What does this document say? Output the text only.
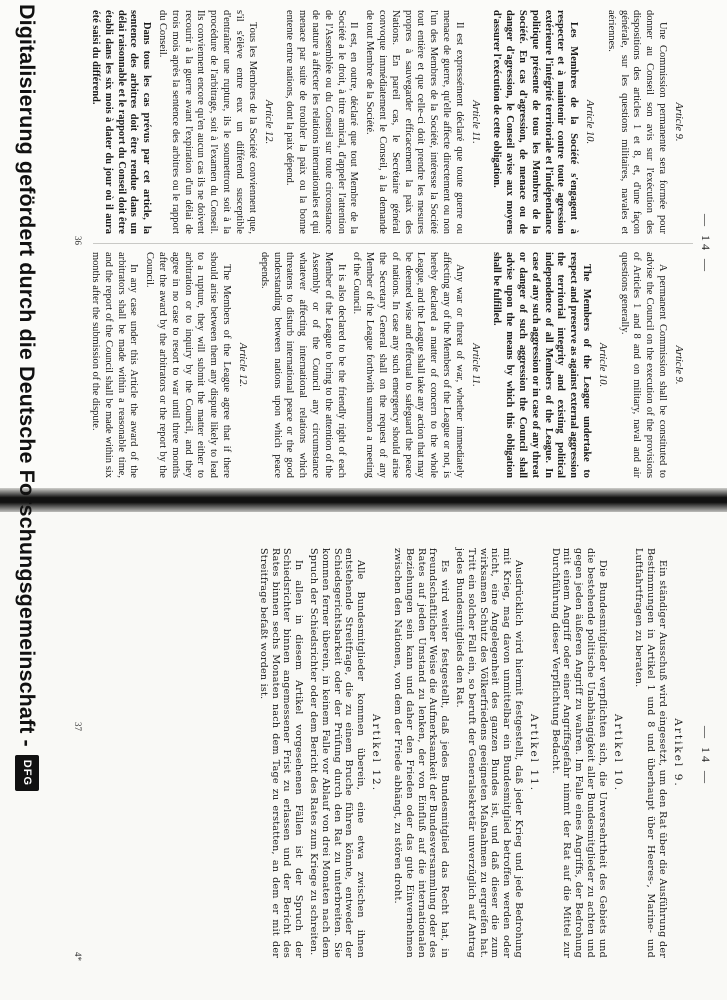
— 14 —
Article 9.

Une Commission permanente sera formée pour donner au Conseil son avis sur l'exécution des dispositions des articles 1 et 8, et, d'une façon générale, sur les questions militaires, navales et aériennes.

Article 10.

Les Membres de la Société s'engagent à respecter et à maintenir contre toute agression extérieure l'intégrité territoriale et l'indépendance politique présente de tous les Membres de la Société. En cas d'agression, de menace ou de danger d'agression, le Conseil avise aux moyens d'assurer l'exécution de cette obligation.

Article 11.

Il est expressément déclaré que toute guerre ou menace de guerre, qu'elle affecte directement ou non l'un des Membres de la Société, intéresse la Société tout entière et que celle-ci doit prendre les mesures propres à sauvegarder efficacement la paix des Nations. En pareil cas, le Secrétaire général convoque immédiatement le Conseil, à la demande de tout Membre de la Société.

Il est, en outre, déclaré que tout Membre de la Société a le droit, à titre amical, d'appeler l'attention de l'Assemblée ou du Conseil sur toute circonstance de nature à affecter les relations internationales et qui menace par suite de troubler la paix ou la bonne entente entre nations, dont la paix dépend.

Article 12.

Tous les Membres de la Société conviennent que, s'il s'élève entre eux un différend susceptible d'entraîner une rupture, ils le soumettront soit à la procédure de l'arbitrage, soit à l'examen du Conseil. Ils conviennent encore qu'en aucun cas ils ne doivent recourir à la guerre avant l'expiration d'un délai de trois mois après la sentence des arbitres ou le rapport du Conseil.

Dans tous les cas prévus par cet article, la sentence des arbitres doit être rendue dans un délai raisonnable et le rapport du Conseil doit être établi dans les six mois à dater du jour où il aura été saisi du différend.

Article 9.

A permanent Commission shall be constituted to advise the Council on the execution of the provisions of Articles 1 and 8 and on military, naval and air questions generally.

Article 10.

The Members of the League undertake to respect and preserve as against external aggression the territorial integrity and existing political independence of all Members of the League. In case of any such aggression or in case of any threat or danger of such aggression the Council shall advise upon the means by which this obligation shall be fulfilled.

Article 11.

Any war or threat of war, whether immediately affecting any of the Members of the League or not, is hereby declared a matter of concern to the whole League, and the League shall take any action that may be deemed wise and effectual to safeguard the peace of nations. In case any such emergency should arise the Secretary General shall on the request of any Member of the League forthwith summon a meeting of the Council.

It is also declared to be the friendly right of each Member of the League to bring to the attention of the Assembly or of the Council any circumstance whatever affecting international relations which threatens to disturb international peace or the good understanding between nations upon which peace depends.

Article 12.

The Members of the League agree that if there should arise between them any dispute likely to lead to a rupture, they will submit the matter either to arbitration or to inquiry by the Council, and they agree in no case to resort to war until three months after the award by the arbitrators or the report by the Council.

In any case under this Article the award of the arbitrators shall be made within a reasonable time, and the report of the Council shall be made within six months after the submission of the dispute.

36
— 14 —
Artikel 9.

Ein ständiger Ausschuß wird eingesetzt, um den Rat über die Ausführung der Bestimmungen in Artikel 1 und 8 und überhaupt über Heeres-, Marine- und Luftfahrtfragen zu beraten.

Artikel 10.

Die Bundesmitglieder verpflichten sich, die Unversehrtheit des Gebiets und die bestehende politische Unabhängigkeit aller Bundesmitglieder zu achten und gegen jeden äußeren Angriff zu wahren. Im Falle eines Angriffs, der Bedrohung mit einem Angriff oder einer Angriffsgefahr nimmt der Rat auf die Mittel zur Durchführung dieser Verpflichtung Bedacht.

Artikel 11.

Ausdrücklich wird hiermit festgestellt, daß jeder Krieg und jede Bedrohung mit Krieg, mag davon unmittelbar ein Bundesmitglied betroffen werden oder nicht, eine Angelegenheit des ganzen Bundes ist, und daß dieser die zum wirksamen Schutz des Völkerfriedens geeigneten Maßnahmen zu ergreifen hat. Tritt ein solcher Fall ein, so beruft der Generalsekretär unverzüglich auf Antrag jedes Bundesmitglieds den Rat.

Es wird weiter festgestellt, daß jedes Bundesmitglied das Recht hat, in freundschaftlicher Weise die Aufmerksamkeit der Bundesversammlung oder des Rates auf jeden Umstand zu lenken, der von Einfluß auf die internationalen Beziehungen sein kann und daher den Frieden oder das gute Einvernehmen zwischen den Nationen, von dem der Friede abhängt, zu stören droht.

Artikel 12.

Alle Bundesmitglieder kommen überein, eine etwa zwischen ihnen entstehende Streitfrage, die zu einem Bruche führen könnte, entweder der Schiedsgerichtsbarkeit oder der Prüfung durch den Rat zu unterbreiten. Sie kommen ferner überein, in keinem Falle vor Ablauf von drei Monaten nach dem Spruch der Schiedsrichter oder dem Bericht des Rates zum Kriege zu schreiten.

In allen in diesem Artikel vorgesehenen Fällen ist der Spruch der Schiedsrichter binnen angemessener Frist zu erlassen und der Bericht des Rates binnen sechs Monaten nach dem Tage zu erstatten, an dem er mit der Streitfrage befaßt worden ist.

37
4*
Digitalisierung gefördert durch die Deutsche Forschungsgemeinschaft -
DFG
